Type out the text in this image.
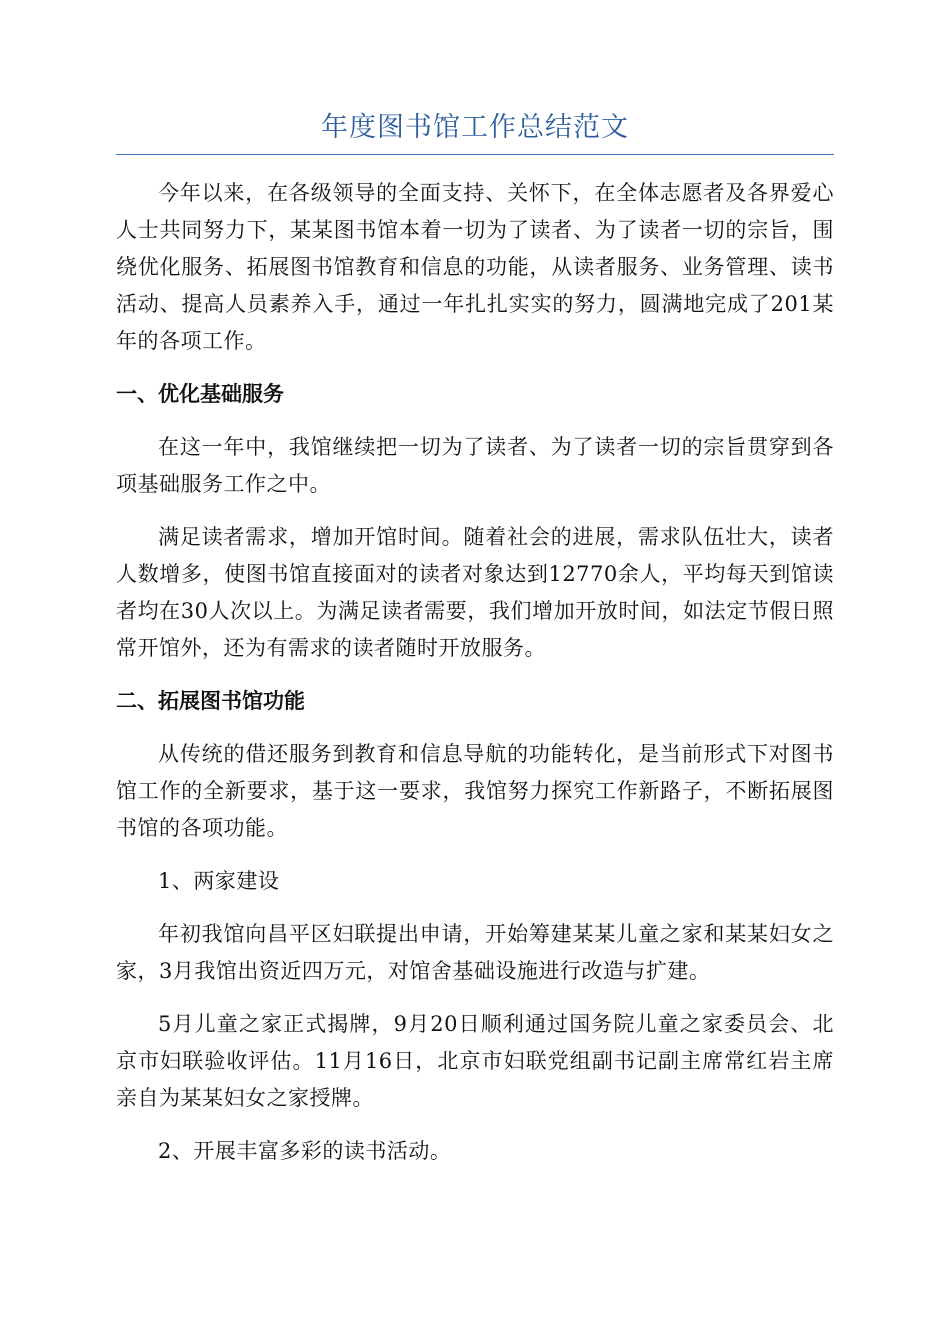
年度图书馆工作总结范文

今年以来，在各级领导的全面支持、关怀下，在全体志愿者及各界爱心人士共同努力下，某某图书馆本着一切为了读者、为了读者一切的宗旨，围绕优化服务、拓展图书馆教育和信息的功能，从读者服务、业务管理、读书活动、提高人员素养入手，通过一年扎扎实实的努力，圆满地完成了201某年的各项工作。

一、优化基础服务

在这一年中，我馆继续把一切为了读者、为了读者一切的宗旨贯穿到各项基础服务工作之中。

满足读者需求，增加开馆时间。随着社会的进展，需求队伍壮大，读者人数增多，使图书馆直接面对的读者对象达到12770余人，平均每天到馆读者均在30人次以上。为满足读者需要，我们增加开放时间，如法定节假日照常开馆外，还为有需求的读者随时开放服务。

二、拓展图书馆功能

从传统的借还服务到教育和信息导航的功能转化，是当前形式下对图书馆工作的全新要求，基于这一要求，我馆努力探究工作新路子，不断拓展图书馆的各项功能。

1、两家建设

年初我馆向昌平区妇联提出申请，开始筹建某某儿童之家和某某妇女之家，3月我馆出资近四万元，对馆舍基础设施进行改造与扩建。

5月儿童之家正式揭牌，9月20日顺利通过国务院儿童之家委员会、北京市妇联验收评估。11月16日，北京市妇联党组副书记副主席常红岩主席亲自为某某妇女之家授牌。

2、开展丰富多彩的读书活动。
